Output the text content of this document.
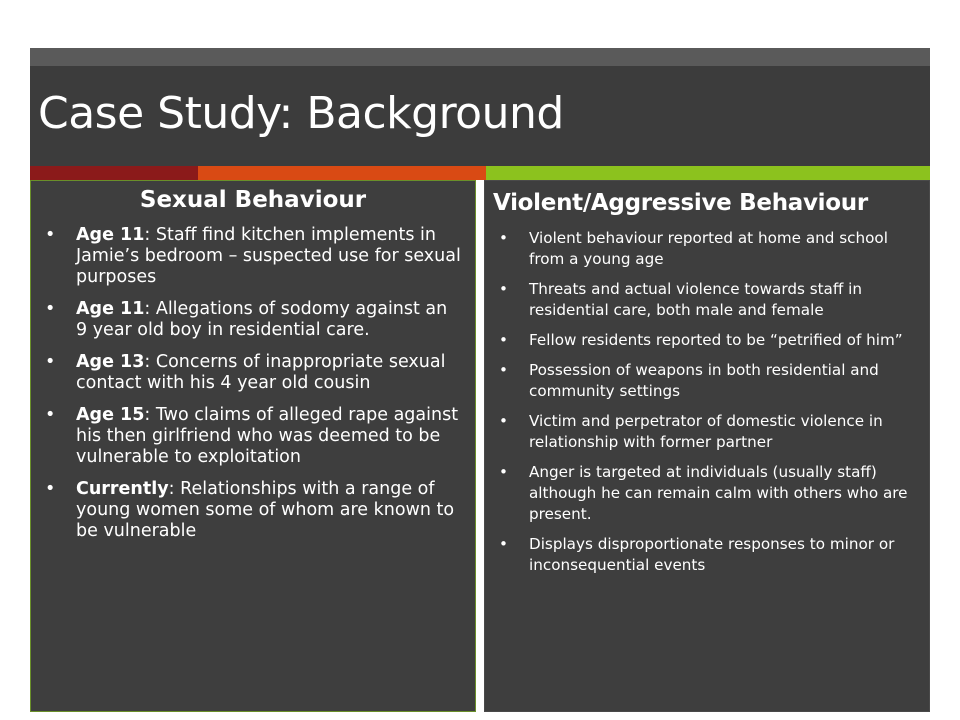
Case Study: Background
Sexual Behaviour
• Age 11: Staff find kitchen implements in Jamie’s bedroom – suspected use for sexual purposes
• Age 11: Allegations of sodomy against an 9 year old boy in residential care.
• Age 13: Concerns of inappropriate sexual contact with his 4 year old cousin
• Age 15: Two claims of alleged rape against his then girlfriend who was deemed to be vulnerable to exploitation
• Currently: Relationships with a range of young women some of whom are known to be vulnerable
Violent/Aggressive Behaviour
• Violent behaviour reported at home and school from a young age
• Threats and actual violence towards staff in residential care, both male and female
• Fellow residents reported to be “petrified of him”
• Possession of weapons in both residential and community settings
• Victim and perpetrator of domestic violence in relationship with former partner
• Anger is targeted at individuals (usually staff) although he can remain calm with others who are present.
• Displays disproportionate responses to minor or inconsequential events
